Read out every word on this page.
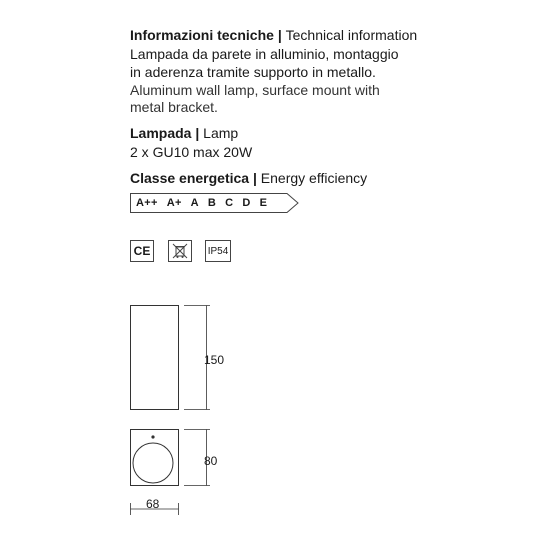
Informazioni tecniche | Technical information
Lampada da parete in alluminio, montaggio
in aderenza tramite supporto in metallo.
Aluminum wall lamp, surface mount with
metal bracket.
Lampada | Lamp
2 x GU10 max 20W
Classe energetica | Energy efficiency
A++ A+ A B C D E
CE	IP54
150
80
68
